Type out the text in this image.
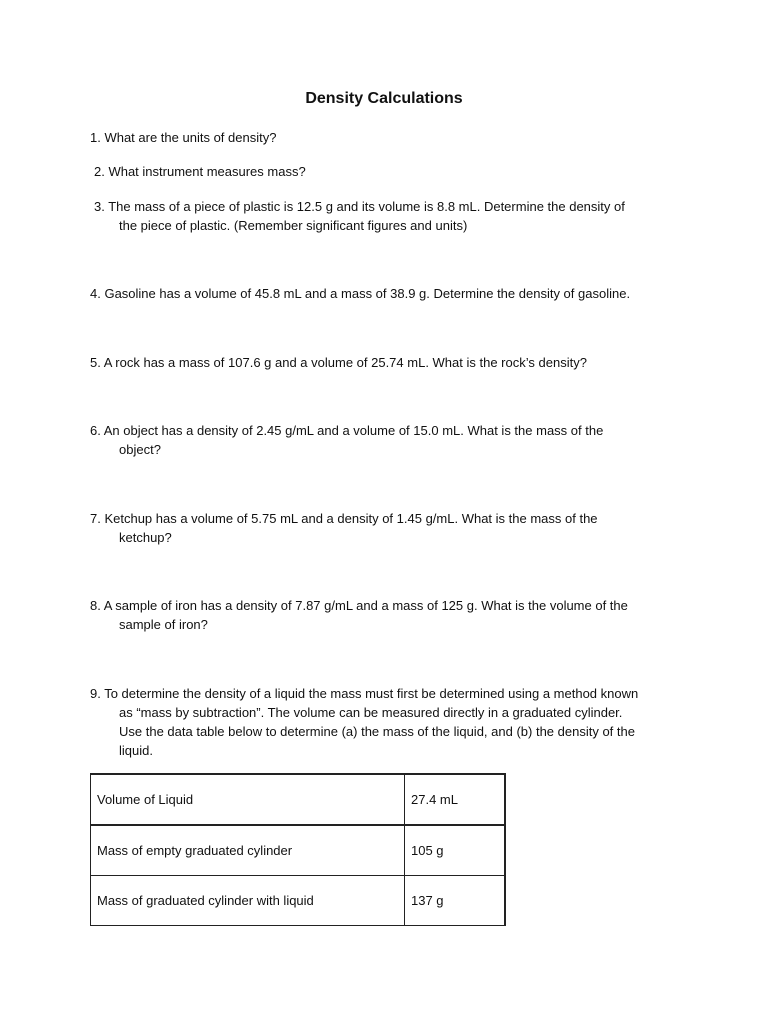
Density Calculations
1. What are the units of density?
2. What instrument measures mass?
3. The mass of a piece of plastic is 12.5 g and its volume is 8.8 mL. Determine the density of
the piece of plastic. (Remember significant figures and units)
4. Gasoline has a volume of 45.8 mL and a mass of 38.9 g. Determine the density of gasoline.
5. A rock has a mass of 107.6 g and a volume of 25.74 mL. What is the rock’s density?
6. An object has a density of 2.45 g/mL and a volume of 15.0 mL. What is the mass of the
object?
7. Ketchup has a volume of 5.75 mL and a density of 1.45 g/mL. What is the mass of the
ketchup?
8. A sample of iron has a density of 7.87 g/mL and a mass of 125 g. What is the volume of the
sample of iron?
9. To determine the density of a liquid the mass must first be determined using a method known
as “mass by subtraction”. The volume can be measured directly in a graduated cylinder.
Use the data table below to determine (a) the mass of the liquid, and (b) the density of the
liquid.
Volume of Liquid	27.4 mL
Mass of empty graduated cylinder	105 g
Mass of graduated cylinder with liquid	137 g
